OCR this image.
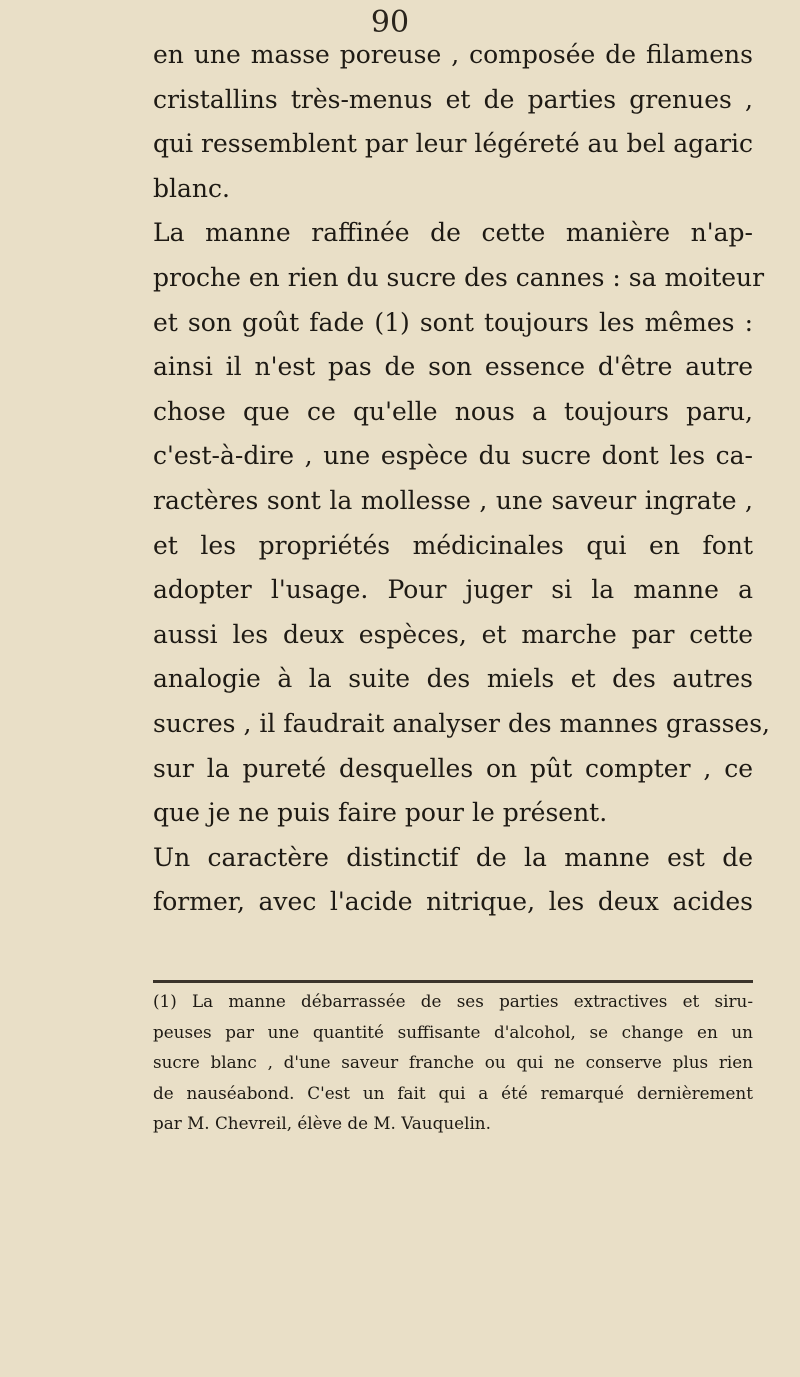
90
en une masse poreuse , composée de filamens
cristallins très-menus et de parties grenues ,
qui ressemblent par leur légéreté au bel agaric
blanc.
La manne raffinée de cette manière n'ap-
proche en rien du sucre des cannes : sa moiteur
et son goût fade (1) sont toujours les mêmes :
ainsi il n'est pas de son essence d'être autre
chose que ce qu'elle nous a toujours paru,
c'est-à-dire , une espèce du sucre dont les ca-
ractères sont la mollesse , une saveur ingrate ,
et les propriétés médicinales qui en font
adopter l'usage. Pour juger si la manne a
aussi les deux espèces, et marche par cette
analogie à la suite des miels et des autres
sucres , il faudrait analyser des mannes grasses,
sur la pureté desquelles on pût compter , ce
que je ne puis faire pour le présent.
Un caractère distinctif de la manne est de
former, avec l'acide nitrique, les deux acides
(1) La manne débarrassée de ses parties extractives et siru-
peuses par une quantité suffisante d'alcohol, se change en un
sucre blanc , d'une saveur franche ou qui ne conserve plus rien
de nauséabond. C'est un fait qui a été remarqué dernièrement
par M. Chevreil, élève de M. Vauquelin.
